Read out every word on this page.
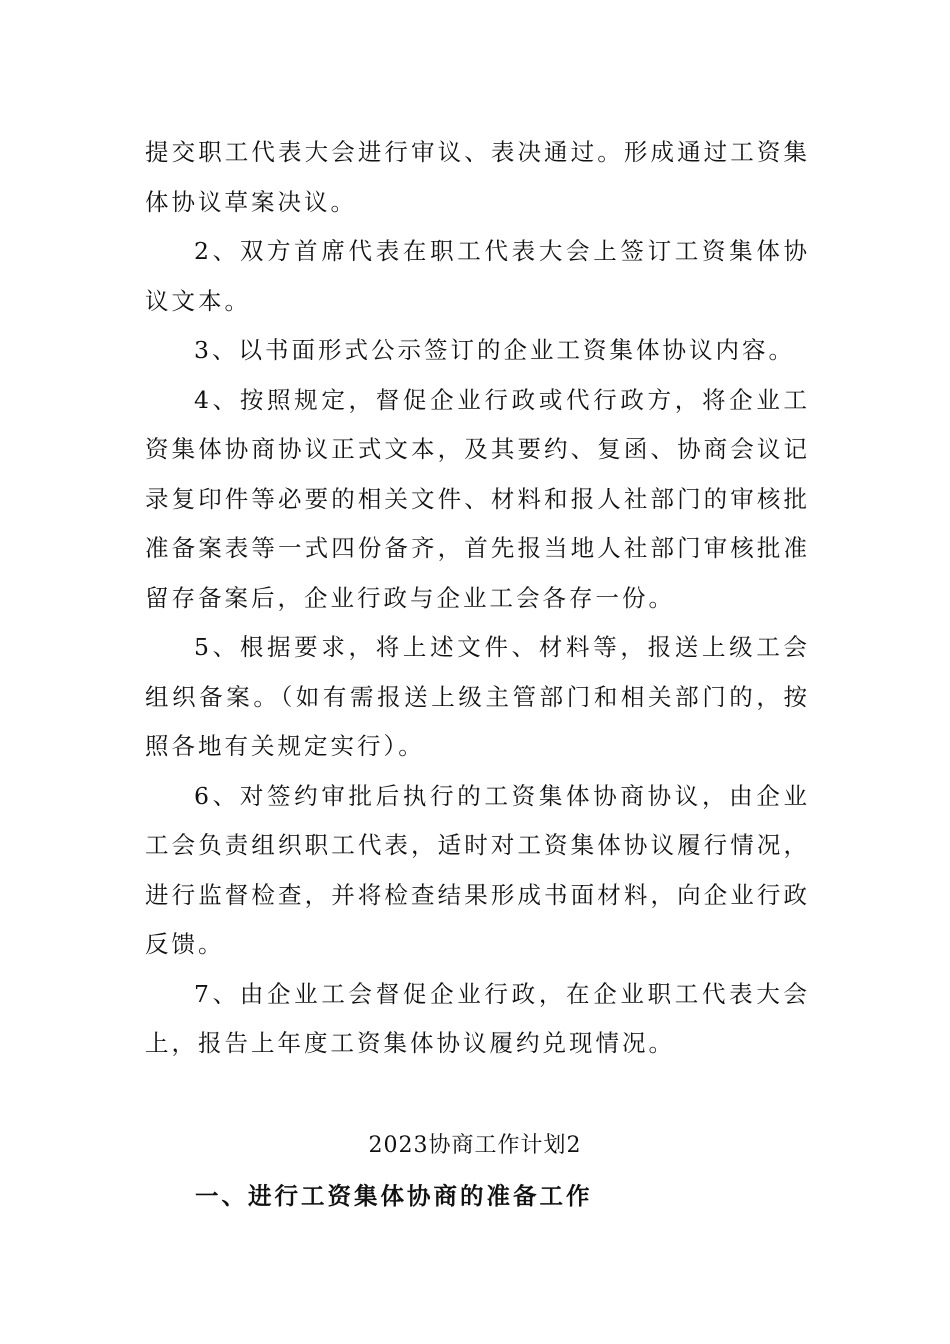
提交职工代表大会进行审议、表决通过。形成通过工资集体协议草案决议。

2、双方首席代表在职工代表大会上签订工资集体协议文本。

3、以书面形式公示签订的企业工资集体协议内容。

4、按照规定，督促企业行政或代行政方，将企业工资集体协商协议正式文本，及其要约、复函、协商会议记录复印件等必要的相关文件、材料和报人社部门的审核批准备案表等一式四份备齐，首先报当地人社部门审核批准留存备案后，企业行政与企业工会各存一份。

5、根据要求，将上述文件、材料等，报送上级工会组织备案。（如有需报送上级主管部门和相关部门的，按照各地有关规定实行）。

6、对签约审批后执行的工资集体协商协议，由企业工会负责组织职工代表，适时对工资集体协议履行情况，进行监督检查，并将检查结果形成书面材料，向企业行政反馈。

7、由企业工会督促企业行政，在企业职工代表大会上，报告上年度工资集体协议履约兑现情况。

2023协商工作计划2
一、进行工资集体协商的准备工作
